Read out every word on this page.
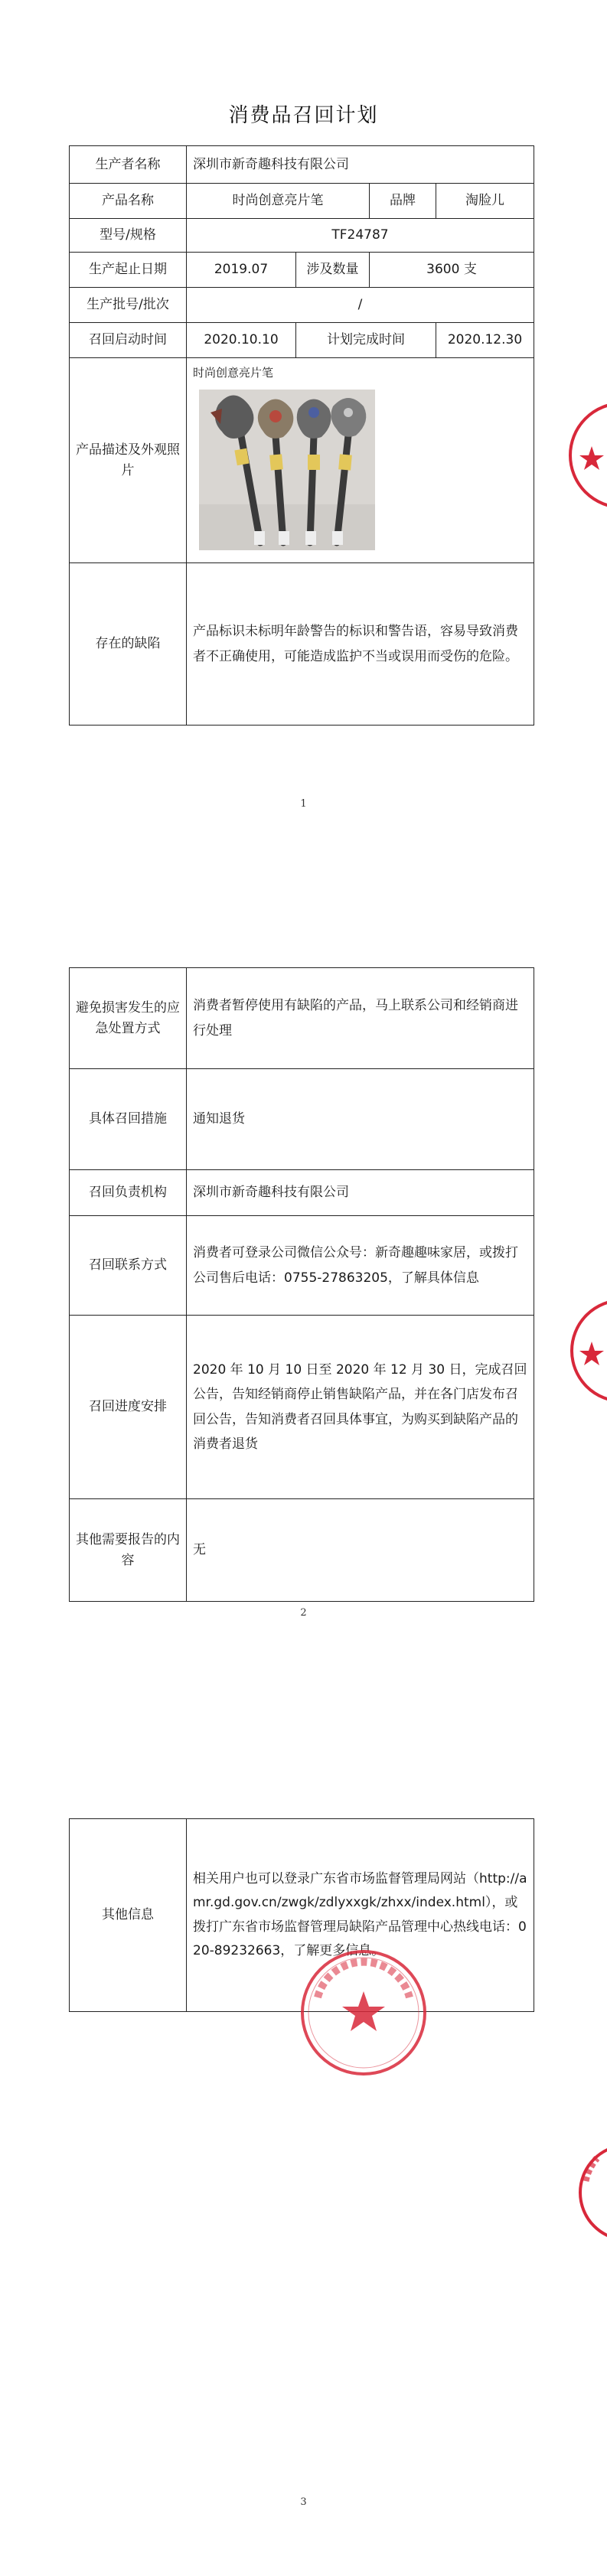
消费品召回计划
生产者名称	深圳市新奇趣科技有限公司			
产品名称	时尚创意亮片笔		品牌	淘脸儿
型号/规格	TF24787			
生产起止日期	2019.07	涉及数量	3600 支	
生产批号/批次	/			
召回启动时间	2020.10.10	计划完成时间		2020.12.30
产品描述及外观照片	时尚创意亮片笔			

存在的缺陷	产品标识未标明年龄警告的标识和警告语，容易导致消费者不正确使用，可能造成监护不当或误用而受伤的危险。			
1
避免损害发生的应急处置方式	消费者暂停使用有缺陷的产品，马上联系公司和经销商进行处理
具体召回措施	通知退货
召回负责机构	深圳市新奇趣科技有限公司
召回联系方式	消费者可登录公司微信公众号：新奇趣趣味家居，或拨打公司售后电话：0755-27863205，了解具体信息
召回进度安排	2020 年 10 月 10 日至 2020 年 12 月 30 日，完成召回公告，告知经销商停止销售缺陷产品，并在各门店发布召回公告，告知消费者召回具体事宜，为购买到缺陷产品的消费者退货
其他需要报告的内容	无
2
其他信息	相关用户也可以登录广东省市场监督管理局网站（http://amr.gd.gov.cn/zwgk/zdlyxxgk/zhxx/index.html），或拨打广东省市场监督管理局缺陷产品管理中心热线电话：020-89232663，了解更多信息。
3
